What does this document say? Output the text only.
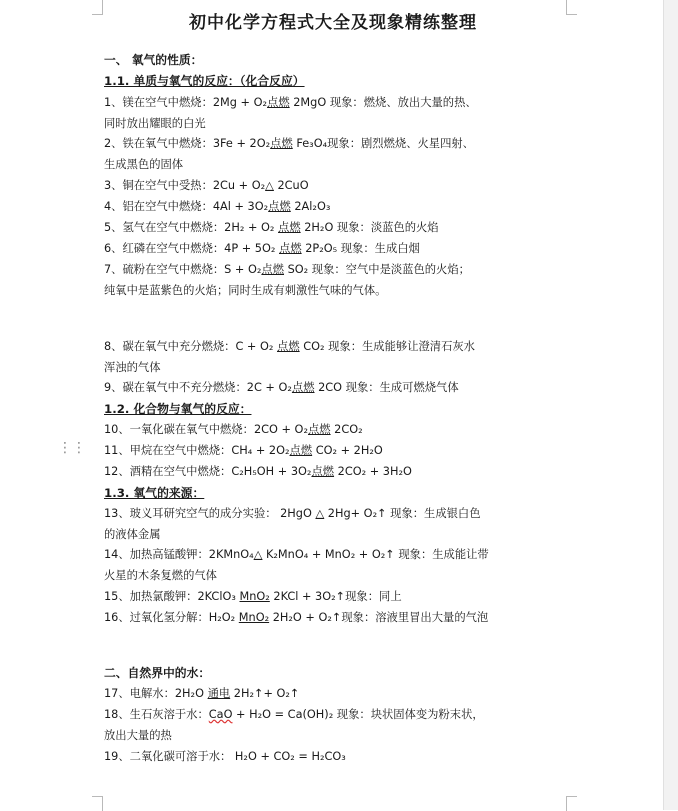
⋮⋮
初中化学方程式大全及现象精练整理
一、 氧气的性质：
1.1. 单质与氧气的反应：（化合反应）
1、镁在空气中燃烧：2Mg + O₂点燃 2MgO 现象：燃烧、放出大量的热、
同时放出耀眼的白光
2、铁在氧气中燃烧：3Fe + 2O₂点燃 Fe₃O₄现象：剧烈燃烧、火星四射、
生成黑色的固体
3、铜在空气中受热：2Cu + O₂△ 2CuO
4、铝在空气中燃烧：4Al + 3O₂点燃 2Al₂O₃
5、氢气在空气中燃烧：2H₂ + O₂ 点燃 2H₂O 现象：淡蓝色的火焰
6、红磷在空气中燃烧：4P + 5O₂ 点燃 2P₂O₅ 现象：生成白烟
7、硫粉在空气中燃烧：S + O₂点燃 SO₂ 现象：空气中是淡蓝色的火焰；
纯氧中是蓝紫色的火焰；同时生成有刺激性气味的气体。
8、碳在氧气中充分燃烧：C + O₂ 点燃 CO₂ 现象：生成能够让澄清石灰水
浑浊的气体
9、碳在氧气中不充分燃烧：2C + O₂点燃 2CO 现象：生成可燃烧气体
1.2. 化合物与氧气的反应：
10、一氧化碳在氧气中燃烧：2CO + O₂点燃 2CO₂
11、甲烷在空气中燃烧：CH₄ + 2O₂点燃 CO₂ + 2H₂O
12、酒精在空气中燃烧：C₂H₅OH + 3O₂点燃 2CO₂ + 3H₂O
1.3. 氧气的来源：
13、玻义耳研究空气的成分实验： 2HgO △ 2Hg+ O₂↑ 现象：生成银白色
的液体金属
14、加热高锰酸钾：2KMnO₄△ K₂MnO₄ + MnO₂ + O₂↑ 现象：生成能让带
火星的木条复燃的气体
15、加热氯酸钾：2KClO₃ MnO₂ 2KCl + 3O₂↑现象：同上
16、过氧化氢分解：H₂O₂ MnO₂ 2H₂O + O₂↑现象：溶液里冒出大量的气泡
二、自然界中的水：
17、电解水：2H₂O 通电 2H₂↑+ O₂↑
18、生石灰溶于水：CaO + H₂O = Ca(OH)₂ 现象：块状固体变为粉末状，
放出大量的热
19、二氧化碳可溶于水： H₂O + CO₂ = H₂CO₃
